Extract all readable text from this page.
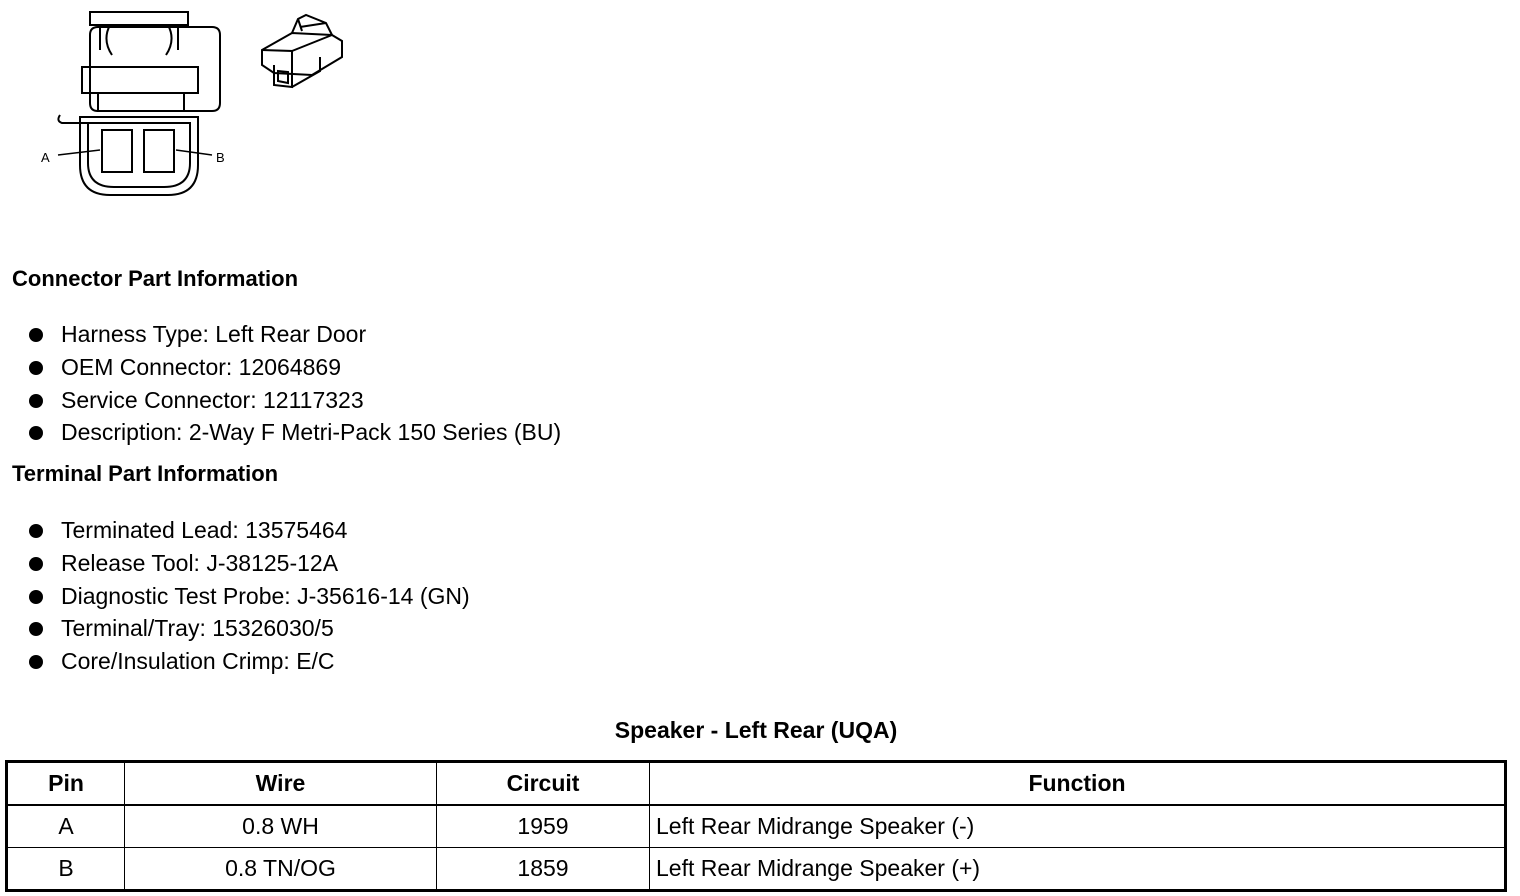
A	B
Connector Part Information
Harness Type: Left Rear Door
OEM Connector: 12064869
Service Connector: 12117323
Description: 2-Way F Metri-Pack 150 Series (BU)
Terminal Part Information
Terminated Lead: 13575464
Release Tool: J-38125-12A
Diagnostic Test Probe: J-35616-14 (GN)
Terminal/Tray: 15326030/5
Core/Insulation Crimp: E/C
Speaker - Left Rear (UQA)
Pin	Wire	Circuit	Function
A	0.8 WH	1959	Left Rear Midrange Speaker (-)
B	0.8 TN/OG	1859	Left Rear Midrange Speaker (+)
